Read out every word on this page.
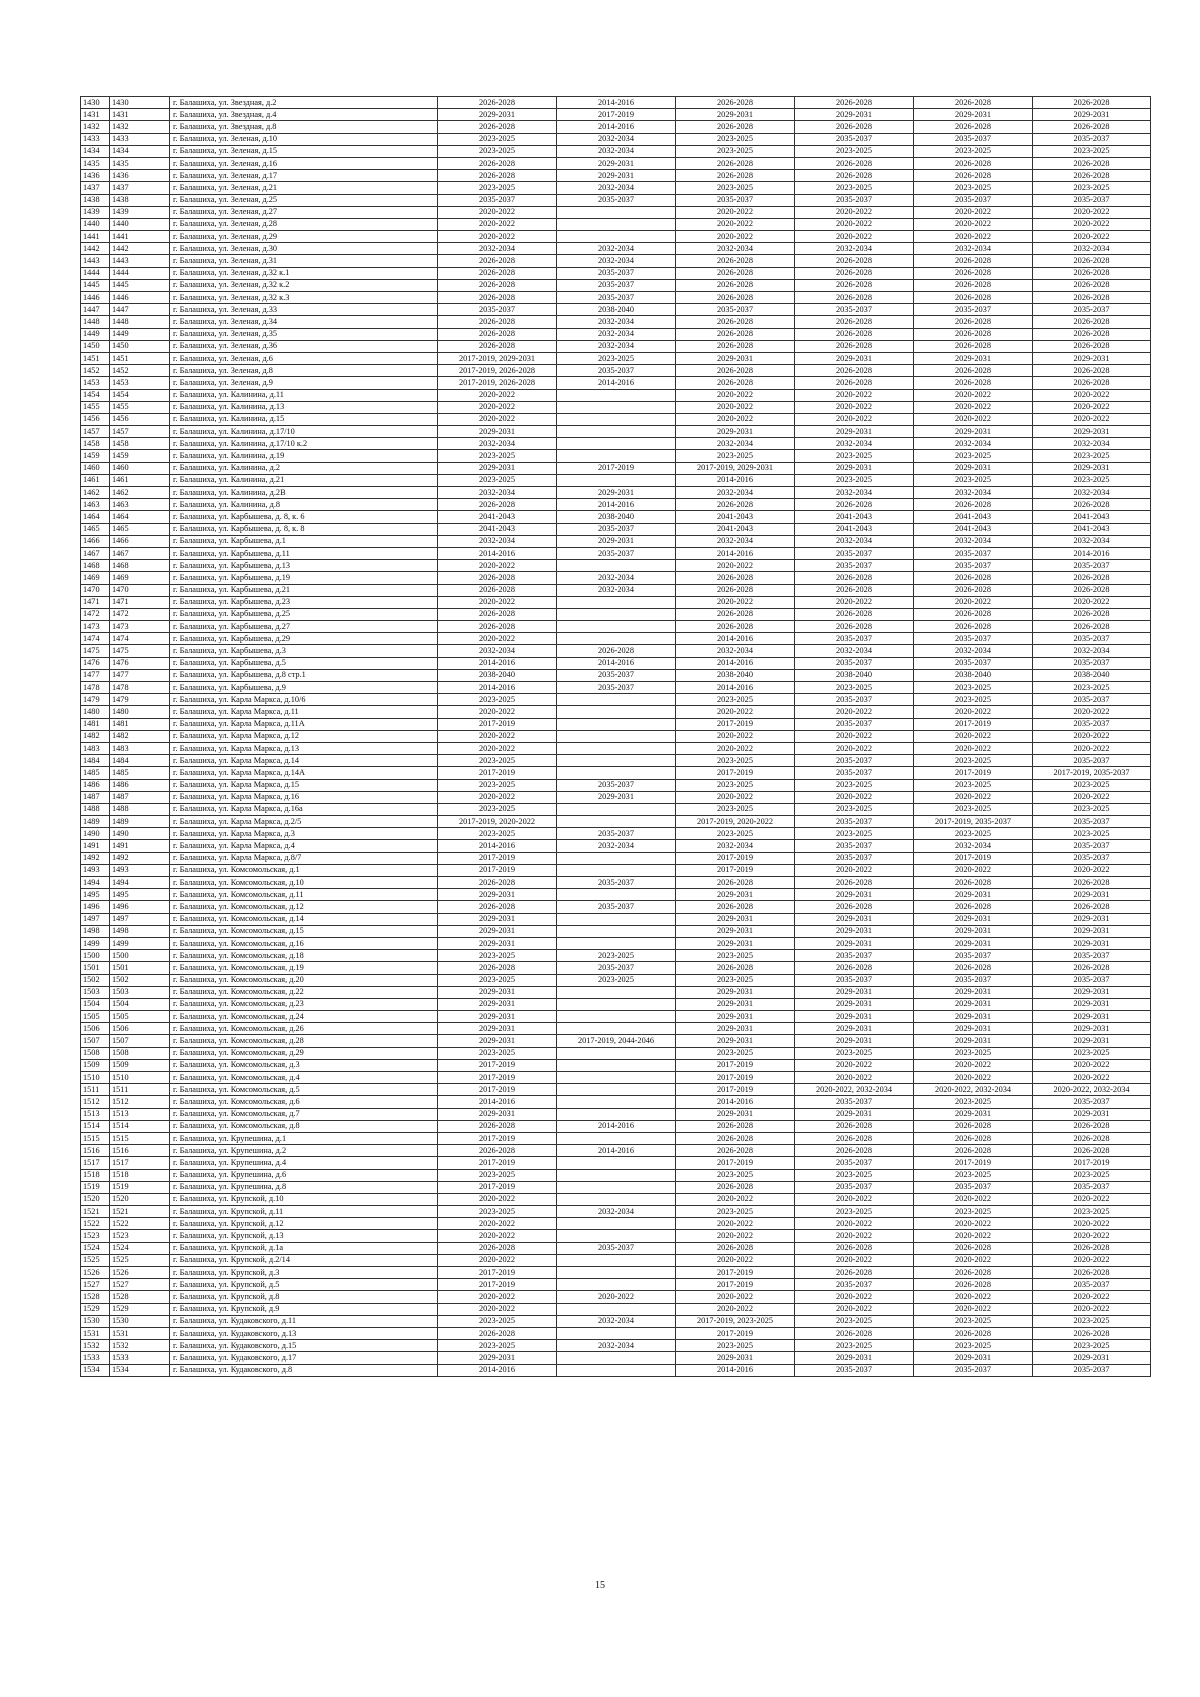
1430	1430	г. Балашиха, ул. Звездная, д.2	2026-2028	2014-2016	2026-2028	2026-2028	2026-2028	2026-2028
1431	1431	г. Балашиха, ул. Звездная, д.4	2029-2031	2017-2019	2029-2031	2029-2031	2029-2031	2029-2031
1432	1432	г. Балашиха, ул. Звездная, д.8	2026-2028	2014-2016	2026-2028	2026-2028	2026-2028	2026-2028
1433	1433	г. Балашиха, ул. Зеленая, д.10	2023-2025	2032-2034	2023-2025	2035-2037	2035-2037	2035-2037
1434	1434	г. Балашиха, ул. Зеленая, д.15	2023-2025	2032-2034	2023-2025	2023-2025	2023-2025	2023-2025
1435	1435	г. Балашиха, ул. Зеленая, д.16	2026-2028	2029-2031	2026-2028	2026-2028	2026-2028	2026-2028
1436	1436	г. Балашиха, ул. Зеленая, д.17	2026-2028	2029-2031	2026-2028	2026-2028	2026-2028	2026-2028
1437	1437	г. Балашиха, ул. Зеленая, д.21	2023-2025	2032-2034	2023-2025	2023-2025	2023-2025	2023-2025
1438	1438	г. Балашиха, ул. Зеленая, д.25	2035-2037	2035-2037	2035-2037	2035-2037	2035-2037	2035-2037
1439	1439	г. Балашиха, ул. Зеленая, д.27	2020-2022		2020-2022	2020-2022	2020-2022	2020-2022
1440	1440	г. Балашиха, ул. Зеленая, д.28	2020-2022		2020-2022	2020-2022	2020-2022	2020-2022
1441	1441	г. Балашиха, ул. Зеленая, д.29	2020-2022		2020-2022	2020-2022	2020-2022	2020-2022
1442	1442	г. Балашиха, ул. Зеленая, д.30	2032-2034	2032-2034	2032-2034	2032-2034	2032-2034	2032-2034
1443	1443	г. Балашиха, ул. Зеленая, д.31	2026-2028	2032-2034	2026-2028	2026-2028	2026-2028	2026-2028
1444	1444	г. Балашиха, ул. Зеленая, д.32 к.1	2026-2028	2035-2037	2026-2028	2026-2028	2026-2028	2026-2028
1445	1445	г. Балашиха, ул. Зеленая, д.32 к.2	2026-2028	2035-2037	2026-2028	2026-2028	2026-2028	2026-2028
1446	1446	г. Балашиха, ул. Зеленая, д.32 к.3	2026-2028	2035-2037	2026-2028	2026-2028	2026-2028	2026-2028
1447	1447	г. Балашиха, ул. Зеленая, д.33	2035-2037	2038-2040	2035-2037	2035-2037	2035-2037	2035-2037
1448	1448	г. Балашиха, ул. Зеленая, д.34	2026-2028	2032-2034	2026-2028	2026-2028	2026-2028	2026-2028
1449	1449	г. Балашиха, ул. Зеленая, д.35	2026-2028	2032-2034	2026-2028	2026-2028	2026-2028	2026-2028
1450	1450	г. Балашиха, ул. Зеленая, д.36	2026-2028	2032-2034	2026-2028	2026-2028	2026-2028	2026-2028
1451	1451	г. Балашиха, ул. Зеленая, д.6	2017-2019, 2029-2031	2023-2025	2029-2031	2029-2031	2029-2031	2029-2031
1452	1452	г. Балашиха, ул. Зеленая, д.8	2017-2019, 2026-2028	2035-2037	2026-2028	2026-2028	2026-2028	2026-2028
1453	1453	г. Балашиха, ул. Зеленая, д.9	2017-2019, 2026-2028	2014-2016	2026-2028	2026-2028	2026-2028	2026-2028
1454	1454	г. Балашиха, ул. Калинина, д.11	2020-2022		2020-2022	2020-2022	2020-2022	2020-2022
1455	1455	г. Балашиха, ул. Калинина, д.13	2020-2022		2020-2022	2020-2022	2020-2022	2020-2022
1456	1456	г. Балашиха, ул. Калинина, д.15	2020-2022		2020-2022	2020-2022	2020-2022	2020-2022
1457	1457	г. Балашиха, ул. Калинина, д.17/10	2029-2031		2029-2031	2029-2031	2029-2031	2029-2031
1458	1458	г. Балашиха, ул. Калинина, д.17/10 к.2	2032-2034		2032-2034	2032-2034	2032-2034	2032-2034
1459	1459	г. Балашиха, ул. Калинина, д.19	2023-2025		2023-2025	2023-2025	2023-2025	2023-2025
1460	1460	г. Балашиха, ул. Калинина, д.2	2029-2031	2017-2019	2017-2019, 2029-2031	2029-2031	2029-2031	2029-2031
1461	1461	г. Балашиха, ул. Калинина, д.21	2023-2025		2014-2016	2023-2025	2023-2025	2023-2025
1462	1462	г. Балашиха, ул. Калинина, д.2В	2032-2034	2029-2031	2032-2034	2032-2034	2032-2034	2032-2034
1463	1463	г. Балашиха, ул. Калинина, д.8	2026-2028	2014-2016	2026-2028	2026-2028	2026-2028	2026-2028
1464	1464	г. Балашиха, ул. Карбышева, д. 8, к. 6	2041-2043	2038-2040	2041-2043	2041-2043	2041-2043	2041-2043
1465	1465	г. Балашиха, ул. Карбышева, д. 8, к. 8	2041-2043	2035-2037	2041-2043	2041-2043	2041-2043	2041-2043
1466	1466	г. Балашиха, ул. Карбышева, д.1	2032-2034	2029-2031	2032-2034	2032-2034	2032-2034	2032-2034
1467	1467	г. Балашиха, ул. Карбышева, д.11	2014-2016	2035-2037	2014-2016	2035-2037	2035-2037	2014-2016
1468	1468	г. Балашиха, ул. Карбышева, д.13	2020-2022		2020-2022	2035-2037	2035-2037	2035-2037
1469	1469	г. Балашиха, ул. Карбышева, д.19	2026-2028	2032-2034	2026-2028	2026-2028	2026-2028	2026-2028
1470	1470	г. Балашиха, ул. Карбышева, д.21	2026-2028	2032-2034	2026-2028	2026-2028	2026-2028	2026-2028
1471	1471	г. Балашиха, ул. Карбышева, д.23	2020-2022		2020-2022	2020-2022	2020-2022	2020-2022
1472	1472	г. Балашиха, ул. Карбышева, д.25	2026-2028		2026-2028	2026-2028	2026-2028	2026-2028
1473	1473	г. Балашиха, ул. Карбышева, д.27	2026-2028		2026-2028	2026-2028	2026-2028	2026-2028
1474	1474	г. Балашиха, ул. Карбышева, д.29	2020-2022		2014-2016	2035-2037	2035-2037	2035-2037
1475	1475	г. Балашиха, ул. Карбышева, д.3	2032-2034	2026-2028	2032-2034	2032-2034	2032-2034	2032-2034
1476	1476	г. Балашиха, ул. Карбышева, д.5	2014-2016	2014-2016	2014-2016	2035-2037	2035-2037	2035-2037
1477	1477	г. Балашиха, ул. Карбышева, д.8 стр.1	2038-2040	2035-2037	2038-2040	2038-2040	2038-2040	2038-2040
1478	1478	г. Балашиха, ул. Карбышева, д.9	2014-2016	2035-2037	2014-2016	2023-2025	2023-2025	2023-2025
1479	1479	г. Балашиха, ул. Карла Маркса, д.10/6	2023-2025		2023-2025	2035-2037	2023-2025	2035-2037
1480	1480	г. Балашиха, ул. Карла Маркса, д.11	2020-2022		2020-2022	2020-2022	2020-2022	2020-2022
1481	1481	г. Балашиха, ул. Карла Маркса, д.11А	2017-2019		2017-2019	2035-2037	2017-2019	2035-2037
1482	1482	г. Балашиха, ул. Карла Маркса, д.12	2020-2022		2020-2022	2020-2022	2020-2022	2020-2022
1483	1483	г. Балашиха, ул. Карла Маркса, д.13	2020-2022		2020-2022	2020-2022	2020-2022	2020-2022
1484	1484	г. Балашиха, ул. Карла Маркса, д.14	2023-2025		2023-2025	2035-2037	2023-2025	2035-2037
1485	1485	г. Балашиха, ул. Карла Маркса, д.14А	2017-2019		2017-2019	2035-2037	2017-2019	2017-2019, 2035-2037
1486	1486	г. Балашиха, ул. Карла Маркса, д.15	2023-2025	2035-2037	2023-2025	2023-2025	2023-2025	2023-2025
1487	1487	г. Балашиха, ул. Карла Маркса, д.16	2020-2022	2029-2031	2020-2022	2020-2022	2020-2022	2020-2022
1488	1488	г. Балашиха, ул. Карла Маркса, д.16а	2023-2025		2023-2025	2023-2025	2023-2025	2023-2025
1489	1489	г. Балашиха, ул. Карла Маркса, д.2/5	2017-2019, 2020-2022		2017-2019, 2020-2022	2035-2037	2017-2019, 2035-2037	2035-2037
1490	1490	г. Балашиха, ул. Карла Маркса, д.3	2023-2025	2035-2037	2023-2025	2023-2025	2023-2025	2023-2025
1491	1491	г. Балашиха, ул. Карла Маркса, д.4	2014-2016	2032-2034	2032-2034	2035-2037	2032-2034	2035-2037
1492	1492	г. Балашиха, ул. Карла Маркса, д.8/7	2017-2019		2017-2019	2035-2037	2017-2019	2035-2037
1493	1493	г. Балашиха, ул. Комсомольская, д.1	2017-2019		2017-2019	2020-2022	2020-2022	2020-2022
1494	1494	г. Балашиха, ул. Комсомольская, д.10	2026-2028	2035-2037	2026-2028	2026-2028	2026-2028	2026-2028
1495	1495	г. Балашиха, ул. Комсомольская, д.11	2029-2031		2029-2031	2029-2031	2029-2031	2029-2031
1496	1496	г. Балашиха, ул. Комсомольская, д.12	2026-2028	2035-2037	2026-2028	2026-2028	2026-2028	2026-2028
1497	1497	г. Балашиха, ул. Комсомольская, д.14	2029-2031		2029-2031	2029-2031	2029-2031	2029-2031
1498	1498	г. Балашиха, ул. Комсомольская, д.15	2029-2031		2029-2031	2029-2031	2029-2031	2029-2031
1499	1499	г. Балашиха, ул. Комсомольская, д.16	2029-2031		2029-2031	2029-2031	2029-2031	2029-2031
1500	1500	г. Балашиха, ул. Комсомольская, д.18	2023-2025	2023-2025	2023-2025	2035-2037	2035-2037	2035-2037
1501	1501	г. Балашиха, ул. Комсомольская, д.19	2026-2028	2035-2037	2026-2028	2026-2028	2026-2028	2026-2028
1502	1502	г. Балашиха, ул. Комсомольская, д.20	2023-2025	2023-2025	2023-2025	2035-2037	2035-2037	2035-2037
1503	1503	г. Балашиха, ул. Комсомольская, д.22	2029-2031		2029-2031	2029-2031	2029-2031	2029-2031
1504	1504	г. Балашиха, ул. Комсомольская, д.23	2029-2031		2029-2031	2029-2031	2029-2031	2029-2031
1505	1505	г. Балашиха, ул. Комсомольская, д.24	2029-2031		2029-2031	2029-2031	2029-2031	2029-2031
1506	1506	г. Балашиха, ул. Комсомольская, д.26	2029-2031		2029-2031	2029-2031	2029-2031	2029-2031
1507	1507	г. Балашиха, ул. Комсомольская, д.28	2029-2031	2017-2019, 2044-2046	2029-2031	2029-2031	2029-2031	2029-2031
1508	1508	г. Балашиха, ул. Комсомольская, д.29	2023-2025		2023-2025	2023-2025	2023-2025	2023-2025
1509	1509	г. Балашиха, ул. Комсомольская, д.3	2017-2019		2017-2019	2020-2022	2020-2022	2020-2022
1510	1510	г. Балашиха, ул. Комсомольская, д.4	2017-2019		2017-2019	2020-2022	2020-2022	2020-2022
1511	1511	г. Балашиха, ул. Комсомольская, д.5	2017-2019		2017-2019	2020-2022, 2032-2034	2020-2022, 2032-2034	2020-2022, 2032-2034
1512	1512	г. Балашиха, ул. Комсомольская, д.6	2014-2016		2014-2016	2035-2037	2023-2025	2035-2037
1513	1513	г. Балашиха, ул. Комсомольская, д.7	2029-2031		2029-2031	2029-2031	2029-2031	2029-2031
1514	1514	г. Балашиха, ул. Комсомольская, д.8	2026-2028	2014-2016	2026-2028	2026-2028	2026-2028	2026-2028
1515	1515	г. Балашиха, ул. Крупешина, д.1	2017-2019		2026-2028	2026-2028	2026-2028	2026-2028
1516	1516	г. Балашиха, ул. Крупешина, д.2	2026-2028	2014-2016	2026-2028	2026-2028	2026-2028	2026-2028
1517	1517	г. Балашиха, ул. Крупешина, д.4	2017-2019		2017-2019	2035-2037	2017-2019	2017-2019
1518	1518	г. Балашиха, ул. Крупешина, д.6	2023-2025		2023-2025	2023-2025	2023-2025	2023-2025
1519	1519	г. Балашиха, ул. Крупешина, д.8	2017-2019		2026-2028	2035-2037	2035-2037	2035-2037
1520	1520	г. Балашиха, ул. Крупской, д.10	2020-2022		2020-2022	2020-2022	2020-2022	2020-2022
1521	1521	г. Балашиха, ул. Крупской, д.11	2023-2025	2032-2034	2023-2025	2023-2025	2023-2025	2023-2025
1522	1522	г. Балашиха, ул. Крупской, д.12	2020-2022		2020-2022	2020-2022	2020-2022	2020-2022
1523	1523	г. Балашиха, ул. Крупской, д.13	2020-2022		2020-2022	2020-2022	2020-2022	2020-2022
1524	1524	г. Балашиха, ул. Крупской, д.1а	2026-2028	2035-2037	2026-2028	2026-2028	2026-2028	2026-2028
1525	1525	г. Балашиха, ул. Крупской, д.2/14	2020-2022		2020-2022	2020-2022	2020-2022	2020-2022
1526	1526	г. Балашиха, ул. Крупской, д.3	2017-2019		2017-2019	2026-2028	2026-2028	2026-2028
1527	1527	г. Балашиха, ул. Крупской, д.5	2017-2019		2017-2019	2035-2037	2026-2028	2035-2037
1528	1528	г. Балашиха, ул. Крупской, д.8	2020-2022	2020-2022	2020-2022	2020-2022	2020-2022	2020-2022
1529	1529	г. Балашиха, ул. Крупской, д.9	2020-2022		2020-2022	2020-2022	2020-2022	2020-2022
1530	1530	г. Балашиха, ул. Кудаковского, д.11	2023-2025	2032-2034	2017-2019, 2023-2025	2023-2025	2023-2025	2023-2025
1531	1531	г. Балашиха, ул. Кудаковского, д.13	2026-2028		2017-2019	2026-2028	2026-2028	2026-2028
1532	1532	г. Балашиха, ул. Кудаковского, д.15	2023-2025	2032-2034	2023-2025	2023-2025	2023-2025	2023-2025
1533	1533	г. Балашиха, ул. Кудаковского, д.17	2029-2031		2029-2031	2029-2031	2029-2031	2029-2031
1534	1534	г. Балашиха, ул. Кудаковского, д.8	2014-2016		2014-2016	2035-2037	2035-2037	2035-2037
15
